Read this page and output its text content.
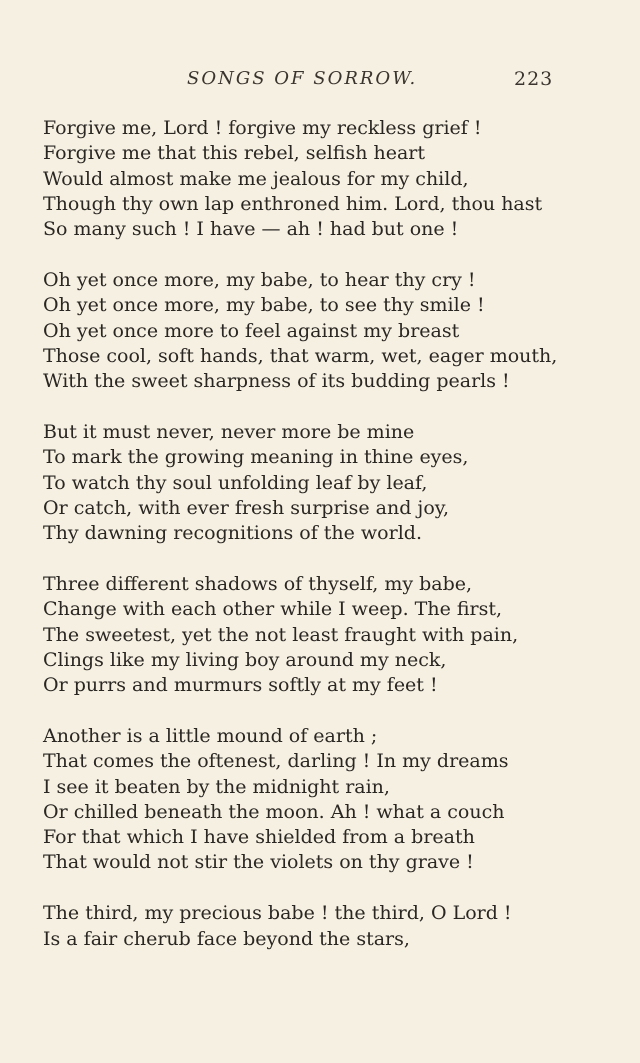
SONGS OF SORROW.	223
Forgive me, Lord ! forgive my reckless grief !
Forgive me that this rebel, selfish heart
Would almost make me jealous for my child,
Though thy own lap enthroned him. Lord, thou hast
So many such ! I have — ah ! had but one !
Oh yet once more, my babe, to hear thy cry !
Oh yet once more, my babe, to see thy smile !
Oh yet once more to feel against my breast
Those cool, soft hands, that warm, wet, eager mouth,
With the sweet sharpness of its budding pearls !
But it must never, never more be mine
To mark the growing meaning in thine eyes,
To watch thy soul unfolding leaf by leaf,
Or catch, with ever fresh surprise and joy,
Thy dawning recognitions of the world.
Three different shadows of thyself, my babe,
Change with each other while I weep. The first,
The sweetest, yet the not least fraught with pain,
Clings like my living boy around my neck,
Or purrs and murmurs softly at my feet !
Another is a little mound of earth ;
That comes the oftenest, darling ! In my dreams
I see it beaten by the midnight rain,
Or chilled beneath the moon. Ah ! what a couch
For that which I have shielded from a breath
That would not stir the violets on thy grave !
The third, my precious babe ! the third, O Lord !
Is a fair cherub face beyond the stars,
